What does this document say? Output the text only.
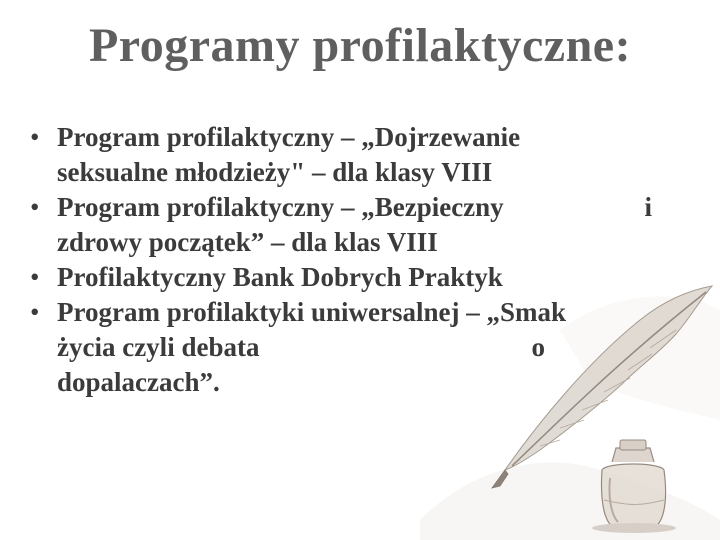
Programy profilaktyczne:
• Program profilaktyczny – „Dojrzewanie
seksualne młodzieży" – dla klasy VIII
• Program profilaktyczny – „Bezpieczny	i

zdrowy początek” – dla klas VIII
• Profilaktyczny Bank Dobrych Praktyk
• Program profilaktyki uniwersalnej – „Smak
życia czyli debata	o
dopalaczach”.
